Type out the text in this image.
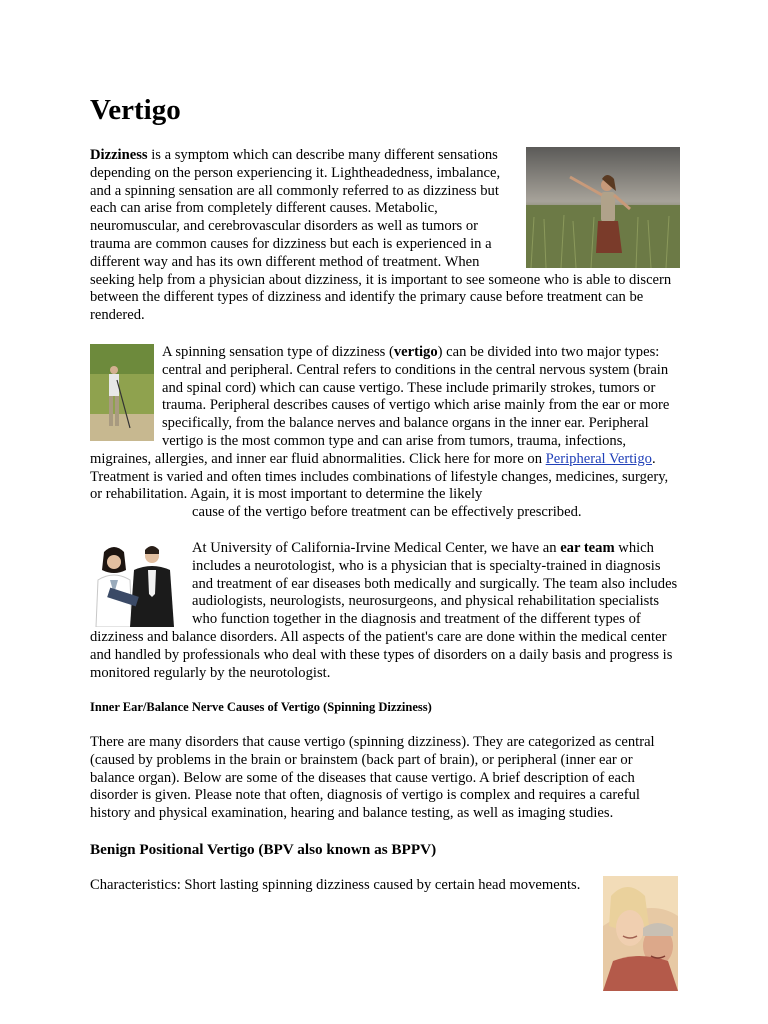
Vertigo
Dizziness is a symptom which can describe many different sensations depending on the person experiencing it. Lightheadedness, imbalance, and a spinning sensation are all commonly referred to as dizziness but each can arise from completely different causes. Metabolic, neuromuscular, and cerebrovascular disorders as well as tumors or trauma are common causes for dizziness but each is experienced in a different way and has its own different method of treatment. When seeking help from a physician about dizziness, it is important to see someone who is able to discern between the different types of dizziness and identify the primary cause before treatment can be rendered.
A spinning sensation type of dizziness (vertigo) can be divided into two major types: central and peripheral. Central refers to conditions in the central nervous system (brain and spinal cord) which can cause vertigo. These include primarily strokes, tumors or trauma. Peripheral describes causes of vertigo which arise mainly from the ear or more specifically, from the balance nerves and balance organs in the inner ear. Peripheral vertigo is the most common type and can arise from tumors, trauma, infections, migraines, allergies, and inner ear fluid abnormalities. Click here for more on Peripheral Vertigo. Treatment is varied and often times includes combinations of lifestyle changes, medicines, surgery, or rehabilitation. Again, it is most important to determine the likely
cause of the vertigo before treatment can be effectively prescribed.
At University of California-Irvine Medical Center, we have an ear team which includes a neurotologist, who is a physician that is specialty-trained in diagnosis and treatment of ear diseases both medically and surgically. The team also includes audiologists, neurologists, neurosurgeons, and physical rehabilitation specialists who function together in the diagnosis and treatment of the different types of dizziness and balance disorders. All aspects of the patient's care are done within the medical center and handled by professionals who deal with these types of disorders on a daily basis and progress is monitored regularly by the neurotologist.

Inner Ear/Balance Nerve Causes of Vertigo (Spinning Dizziness)

There are many disorders that cause vertigo (spinning dizziness). They are categorized as central (caused by problems in the brain or brainstem (back part of brain), or peripheral (inner ear or balance organ). Below are some of the diseases that cause vertigo. A brief description of each disorder is given. Please note that often, diagnosis of vertigo is complex and requires a careful history and physical examination, hearing and balance testing, as well as imaging studies.

Benign Positional Vertigo (BPV also known as BPPV)

Characteristics: Short lasting spinning dizziness caused by certain head movements.
